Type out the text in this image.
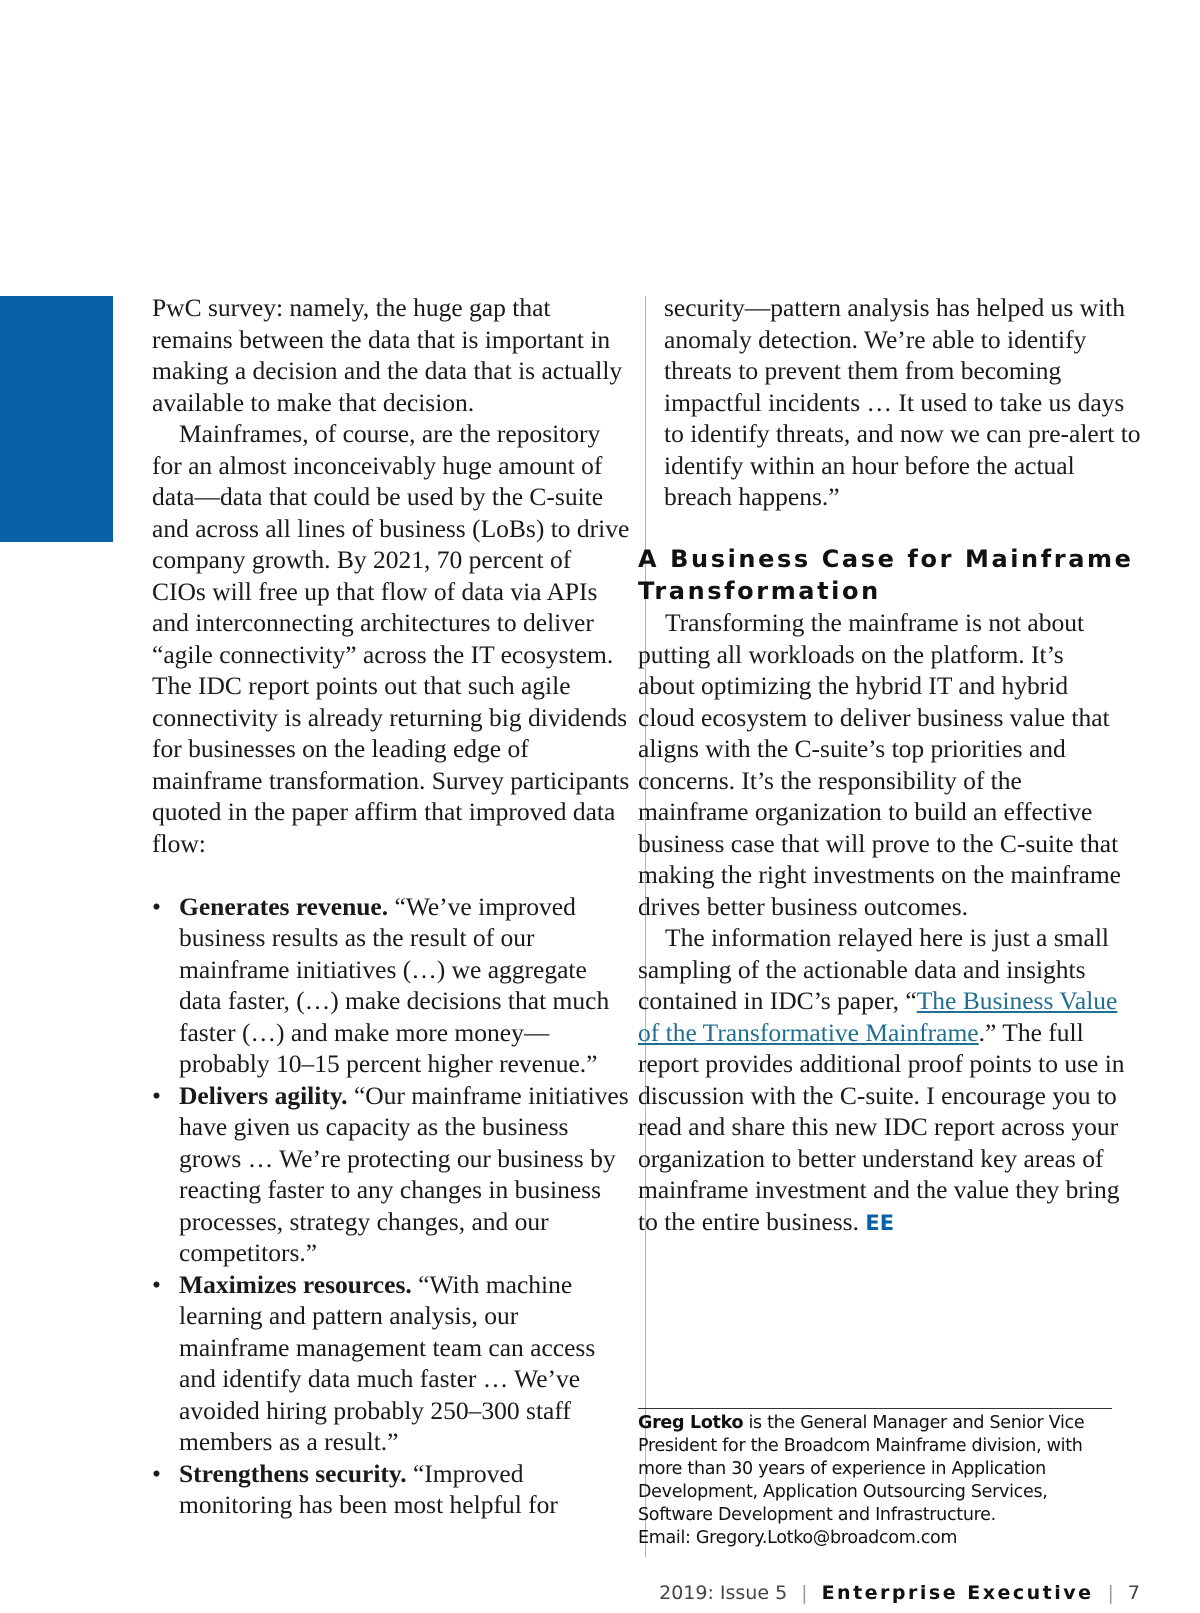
PwC survey: namely, the huge gap that remains between the data that is important in making a decision and the data that is actually available to make that decision.

Mainframes, of course, are the repository for an almost inconceivably huge amount of data—data that could be used by the C-suite and across all lines of business (LoBs) to drive company growth. By 2021, 70 percent of CIOs will free up that flow of data via APIs and interconnecting architectures to deliver “agile connectivity” across the IT ecosystem. The IDC report points out that such agile connectivity is already returning big dividends for businesses on the leading edge of mainframe transformation. Survey participants quoted in the paper affirm that improved data flow:

• Generates revenue. “We’ve improved business results as the result of our mainframe initiatives (…) we aggregate data faster, (…) make decisions that much faster (…) and make more money—probably 10–15 percent higher revenue.”
• Delivers agility. “Our mainframe initiatives have given us capacity as the business grows … We’re protecting our business by reacting faster to any changes in business processes, strategy changes, and our competitors.”
• Maximizes resources. “With machine learning and pattern analysis, our mainframe management team can access and identify data much faster … We’ve avoided hiring probably 250–300 staff members as a result.”
• Strengthens security. “Improved monitoring has been most helpful for

security—pattern analysis has helped us with anomaly detection. We’re able to identify threats to prevent them from becoming impactful incidents … It used to take us days to identify threats, and now we can pre-alert to identify within an hour before the actual breach happens.”

A Business Case for Mainframe Transformation

Transforming the mainframe is not about putting all workloads on the platform. It’s about optimizing the hybrid IT and hybrid cloud ecosystem to deliver business value that aligns with the C-suite’s top priorities and concerns. It’s the responsibility of the mainframe organization to build an effective business case that will prove to the C-suite that making the right investments on the mainframe drives better business outcomes.

The information relayed here is just a small sampling of the actionable data and insights contained in IDC’s paper, “The Business Value of the Transformative Mainframe.” The full report provides additional proof points to use in discussion with the C-suite. I encourage you to read and share this new IDC report across your organization to better understand key areas of mainframe investment and the value they bring to the entire business. EE

Greg Lotko is the General Manager and Senior Vice President for the Broadcom Mainframe division, with more than 30 years of experience in Application Development, Application Outsourcing Services, Software Development and Infrastructure.
Email: Gregory.Lotko@broadcom.com
2019: Issue 5 | Enterprise Executive | 7
